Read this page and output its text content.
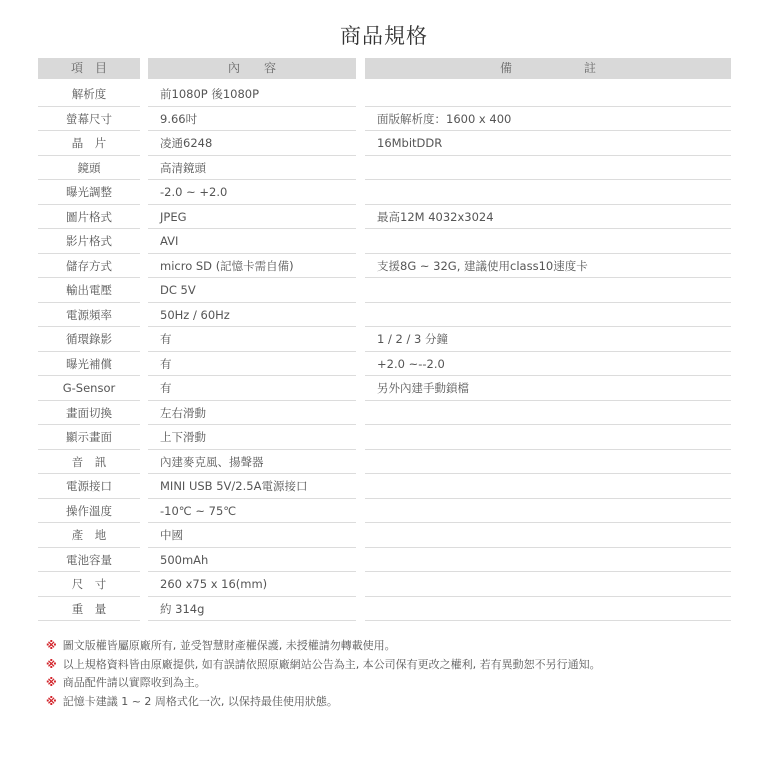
商品規格
項　目	內　　容	備　　　　　　註
解析度	前1080P 後1080P
螢幕尺寸	9.66吋	面版解析度：1600 x 400
晶　片	凌通6248	16MbitDDR
鏡頭	高清鏡頭
曝光調整	-2.0 ~ +2.0
圖片格式	JPEG	最高12M 4032x3024
影片格式	AVI
儲存方式	micro SD (記憶卡需自備)	支援8G ~ 32G, 建議使用class10速度卡
輸出電壓	DC 5V
電源頻率	50Hz / 60Hz
循環錄影	有	1 / 2 / 3 分鐘
曝光補償	有	+2.0 ~--2.0
G-Sensor	有	另外內建手動鎖檔
畫面切換	左右滑動
顯示畫面	上下滑動
音　訊	內建麥克風、揚聲器
電源接口	MINI USB 5V/2.5A電源接口
操作溫度	-10℃ ~ 75℃
產　地	中國
電池容量	500mAh
尺　寸	260 x75 x 16(mm)
重　量	約 314g
※ 圖文版權皆屬原廠所有, 並受智慧財產權保護, 未授權請勿轉載使用。
※ 以上規格資料皆由原廠提供, 如有誤請依照原廠網站公告為主, 本公司保有更改之權利, 若有異動恕不另行通知。
※ 商品配件請以實際收到為主。
※ 記憶卡建議 1 ~ 2 周格式化一次, 以保持最佳使用狀態。
